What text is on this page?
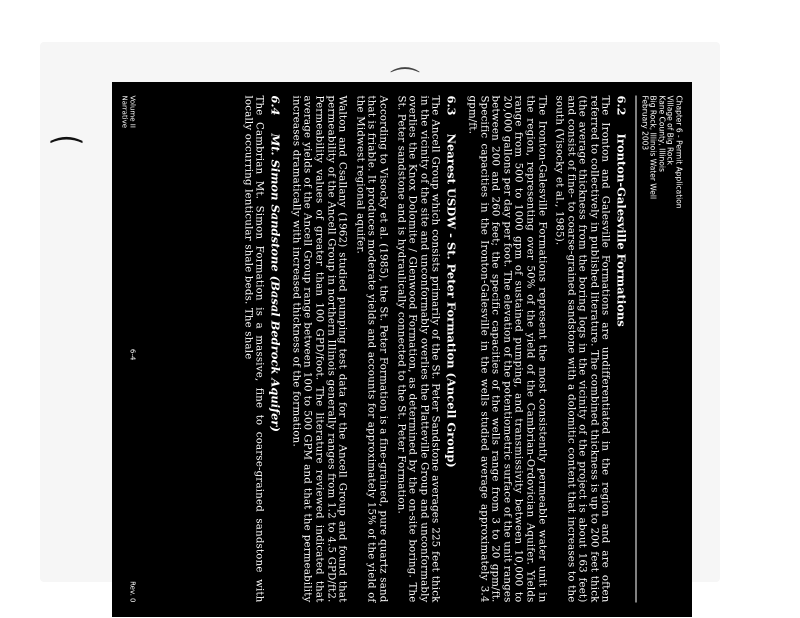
⁀	Chapter 6 - Permit Application
Village of Big Rock
Kane County, Illinois
Big Rock, Illinois Water Well
February 2003
6.2 Ironton-Galesville Formations

The Ironton and Galesville Formations are undifferentiated in the region and are often referred to collectively in published literature. The combined thickness is up to 200 feet thick (the average thickness from the boring logs in the vicinity of the project is about 163 feet) and consist of fine- to coarse-grained sandstone with a dolomitic content that increases to the south (Visocky et al., 1985).

The Ironton-Galesville Formations represent the most consistently permeable water unit in the region, representing over 50% of the yield of the Cambrian-Ordovician Aquifer. Yields range from 500 to 1000 gpm of sustained pumping, and transmissivity between 10,000 to 20,000 gallons per day per foot. The elevation of the potentiometric surface of the unit ranges between 200 and 260 feet; the specific capacities of the wells range from 3 to 20 gpm/ft. Specific capacities in the Ironton-Galesville in the wells studied average approximately 3.4 gpm/ft.

6.3 Nearest USDW - St. Peter Formation (Ancell Group)

The Ancell Group which consists primarily of the St. Peter Sandstone averages 225 feet thick in the vicinity of the site and unconformably overlies the Platteville Group and unconformably overlies the Knox Dolomite / Glenwood Formation, as determined by the on-site boring. The St. Peter sandstone and is hydraulically connected to the St. Peter Formation.

According to Visocky et al. (1985), the St. Peter Formation is a fine-grained, pure quartz sand that is friable. It produces moderate yields and accounts for approximately 15% of the yield of the Midwest regional aquifer.

Walton and Csallany (1962) studied pumping test data for the Ancell Group and found that permeability of the Ancell Group in northern Illinois generally ranges from 1.2 to 4.5 GPD/ft2. Permeability values of greater than 100 GPD/foot. The literature reviewed indicated that average yields of the Ancell Group range between 100 to 500 GPM and that the permeability increases dramatically with increased thickness of the formation.

6.4 Mt. Simon Sandstone (Basal Bedrock Aquifer)

The Cambrian Mt. Simon Formation is a massive, fine to coarse-grained sandstone with locally occurring lenticular shale beds. The shale

Volume II
Narrative
6-4
Rev. 0
